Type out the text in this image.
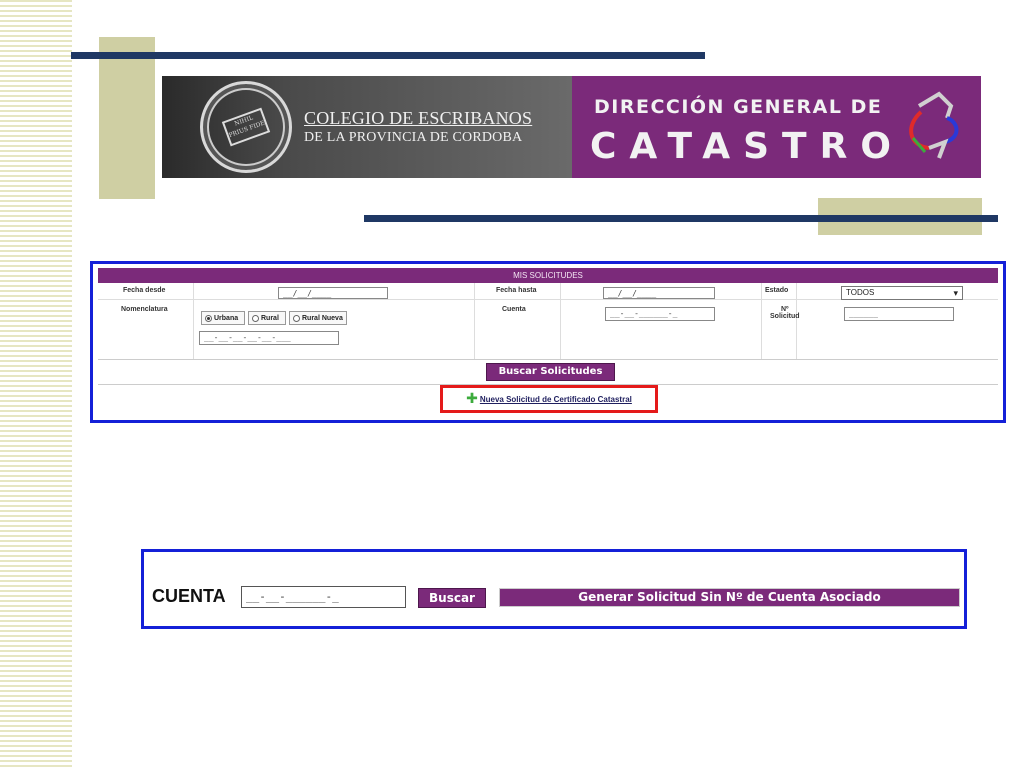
NIHIL PRIUS FIDE
COLEGIO DE ESCRIBANOS
DE LA PROVINCIA DE CORDOBA
DIRECCIÓN GENERAL DE
CATASTRO
MIS SOLICITUDES
Fecha desde	__/__/____	Fecha hasta	__/__/____	Estado	TODOS	▾
Nomenclatura
Urbana	Rural	Rural Nueva
__-__-__-__-__-___
Cuenta	__-__-______-_	Nº
Solicitud	______
Buscar Solicitudes
✚ Nueva Solicitud de Certificado Catastral
CUENTA	__-__-______-_	Buscar	Generar Solicitud Sin Nº de Cuenta Asociado
